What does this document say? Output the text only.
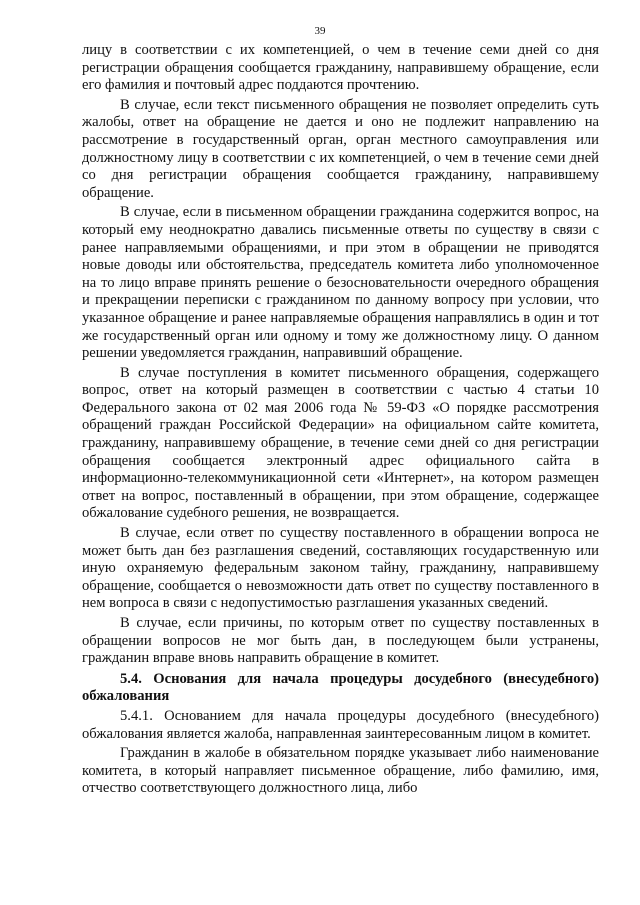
39

лицу в соответствии с их компетенцией, о чем в течение семи дней со дня регистрации обращения сообщается гражданину, направившему обращение, если его фамилия и почтовый адрес поддаются прочтению.

В случае, если текст письменного обращения не позволяет определить суть жалобы, ответ на обращение не дается и оно не подлежит направлению на рассмотрение в государственный орган, орган местного самоуправления или должностному лицу в соответствии с их компетенцией, о чем в течение семи дней со дня регистрации обращения сообщается гражданину, направившему обращение.

В случае, если в письменном обращении гражданина содержится вопрос, на который ему неоднократно давались письменные ответы по существу в связи с ранее направляемыми обращениями, и при этом в обращении не приводятся новые доводы или обстоятельства, председатель комитета либо уполномоченное на то лицо вправе принять решение о безосновательности очередного обращения и прекращении переписки с гражданином по данному вопросу при условии, что указанное обращение и ранее направляемые обращения направлялись в один и тот же государственный орган или одному и тому же должностному лицу. О данном решении уведомляется гражданин, направивший обращение.

В случае поступления в комитет письменного обращения, содержащего вопрос, ответ на который размещен в соответствии с частью 4 статьи 10 Федерального закона от 02 мая 2006 года № 59-ФЗ «О порядке рассмотрения обращений граждан Российской Федерации» на официальном сайте комитета, гражданину, направившему обращение, в течение семи дней со дня регистрации обращения сообщается электронный адрес официального сайта в информационно-телекоммуникационной сети «Интернет», на котором размещен ответ на вопрос, поставленный в обращении, при этом обращение, содержащее обжалование судебного решения, не возвращается.

В случае, если ответ по существу поставленного в обращении вопроса не может быть дан без разглашения сведений, составляющих государственную или иную охраняемую федеральным законом тайну, гражданину, направившему обращение, сообщается о невозможности дать ответ по существу поставленного в нем вопроса в связи с недопустимостью разглашения указанных сведений.

В случае, если причины, по которым ответ по существу поставленных в обращении вопросов не мог быть дан, в последующем были устранены, гражданин вправе вновь направить обращение в комитет.

5.4. Основания для начала процедуры досудебного (внесудебного) обжалования

5.4.1. Основанием для начала процедуры досудебного (внесудебного) обжалования является жалоба, направленная заинтересованным лицом в комитет.

Гражданин в жалобе в обязательном порядке указывает либо наименование комитета, в который направляет письменное обращение, либо фамилию, имя, отчество соответствующего должностного лица, либо
